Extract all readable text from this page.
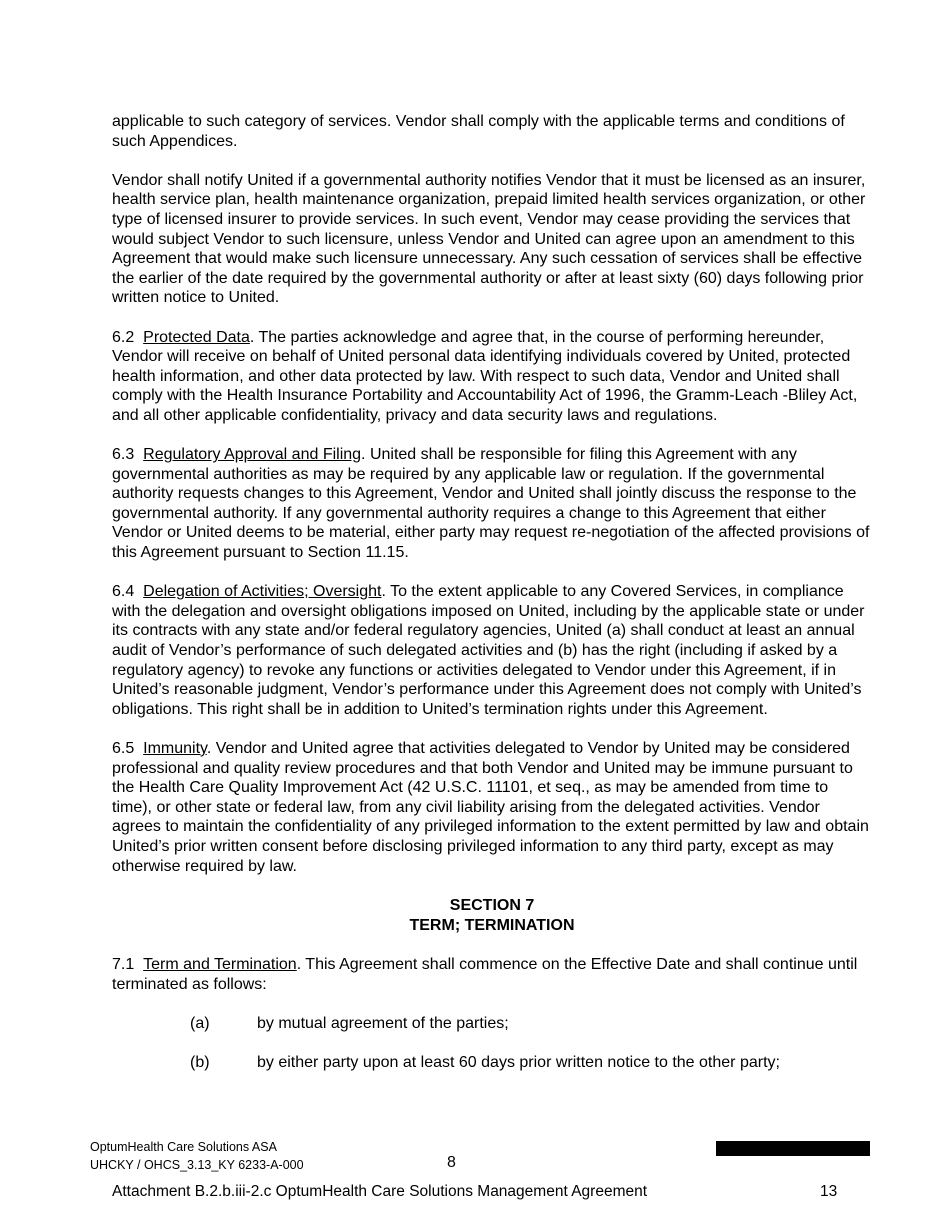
applicable to such category of services. Vendor shall comply with the applicable terms and conditions of such Appendices.

Vendor shall notify United if a governmental authority notifies Vendor that it must be licensed as an insurer, health service plan, health maintenance organization, prepaid limited health services organization, or other type of licensed insurer to provide services. In such event, Vendor may cease providing the services that would subject Vendor to such licensure, unless Vendor and United can agree upon an amendment to this Agreement that would make such licensure unnecessary. Any such cessation of services shall be effective the earlier of the date required by the governmental authority or after at least sixty (60) days following prior written notice to United.

6.2 Protected Data. The parties acknowledge and agree that, in the course of performing hereunder, Vendor will receive on behalf of United personal data identifying individuals covered by United, protected health information, and other data protected by law. With respect to such data, Vendor and United shall comply with the Health Insurance Portability and Accountability Act of 1996, the Gramm-Leach -Bliley Act, and all other applicable confidentiality, privacy and data security laws and regulations.

6.3 Regulatory Approval and Filing. United shall be responsible for filing this Agreement with any governmental authorities as may be required by any applicable law or regulation. If the governmental authority requests changes to this Agreement, Vendor and United shall jointly discuss the response to the governmental authority. If any governmental authority requires a change to this Agreement that either Vendor or United deems to be material, either party may request re-negotiation of the affected provisions of this Agreement pursuant to Section 11.15.

6.4 Delegation of Activities; Oversight. To the extent applicable to any Covered Services, in compliance with the delegation and oversight obligations imposed on United, including by the applicable state or under its contracts with any state and/or federal regulatory agencies, United (a) shall conduct at least an annual audit of Vendor’s performance of such delegated activities and (b) has the right (including if asked by a regulatory agency) to revoke any functions or activities delegated to Vendor under this Agreement, if in United’s reasonable judgment, Vendor’s performance under this Agreement does not comply with United’s obligations. This right shall be in addition to United’s termination rights under this Agreement.

6.5 Immunity. Vendor and United agree that activities delegated to Vendor by United may be considered professional and quality review procedures and that both Vendor and United may be immune pursuant to the Health Care Quality Improvement Act (42 U.S.C. 11101, et seq., as may be amended from time to time), or other state or federal law, from any civil liability arising from the delegated activities. Vendor agrees to maintain the confidentiality of any privileged information to the extent permitted by law and obtain United’s prior written consent before disclosing privileged information to any third party, except as may otherwise required by law.

SECTION 7
TERM; TERMINATION

7.1 Term and Termination. This Agreement shall commence on the Effective Date and shall continue until terminated as follows:

(a)	by mutual agreement of the parties;
(b)	by either party upon at least 60 days prior written notice to the other party;
OptumHealth Care Solutions ASA
UHCKY / OHCS_3.13_KY 6233-A-000	8
Attachment B.2.b.iii-2.c OptumHealth Care Solutions Management Agreement	13
